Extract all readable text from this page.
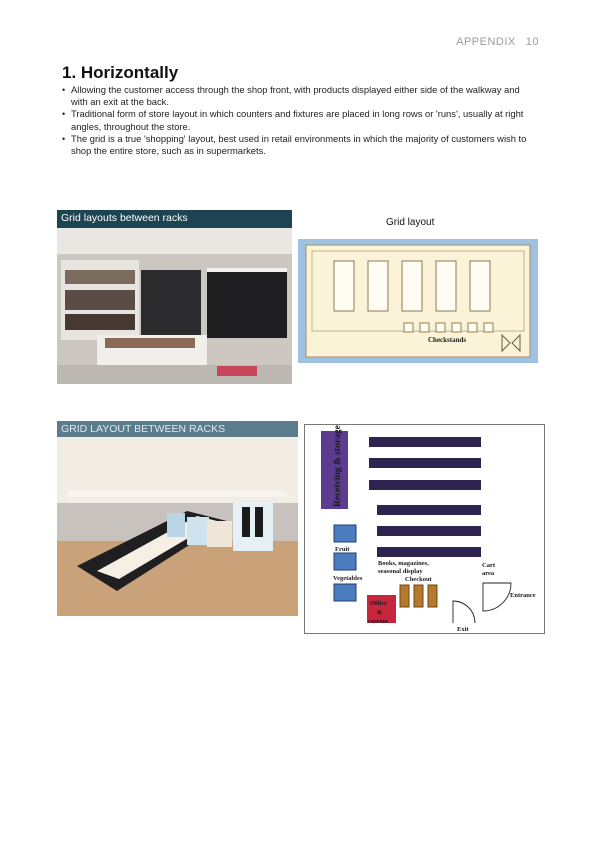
APPENDIX 10
1. Horizontally
• Allowing the customer access through the shop front, with products displayed either side of the walkway and with an exit at the back.
• Traditional form of store layout in which counters and fixtures are placed in long rows or 'runs', usually at right angles, throughout the store.
• The grid is a true 'shopping' layout, best used in retail environments in which the majority of customers wish to shop the entire store, such as in supermarkets.
Grid layouts between racks	Grid layout
Checkstands
GRID LAYOUT BETWEEN RACKS	Receiving & storage
Fruit
Vegetables
Books, magazines,
seasonal display
Checkout
Office
&
custom
Cart
area
Entrance
Exit
